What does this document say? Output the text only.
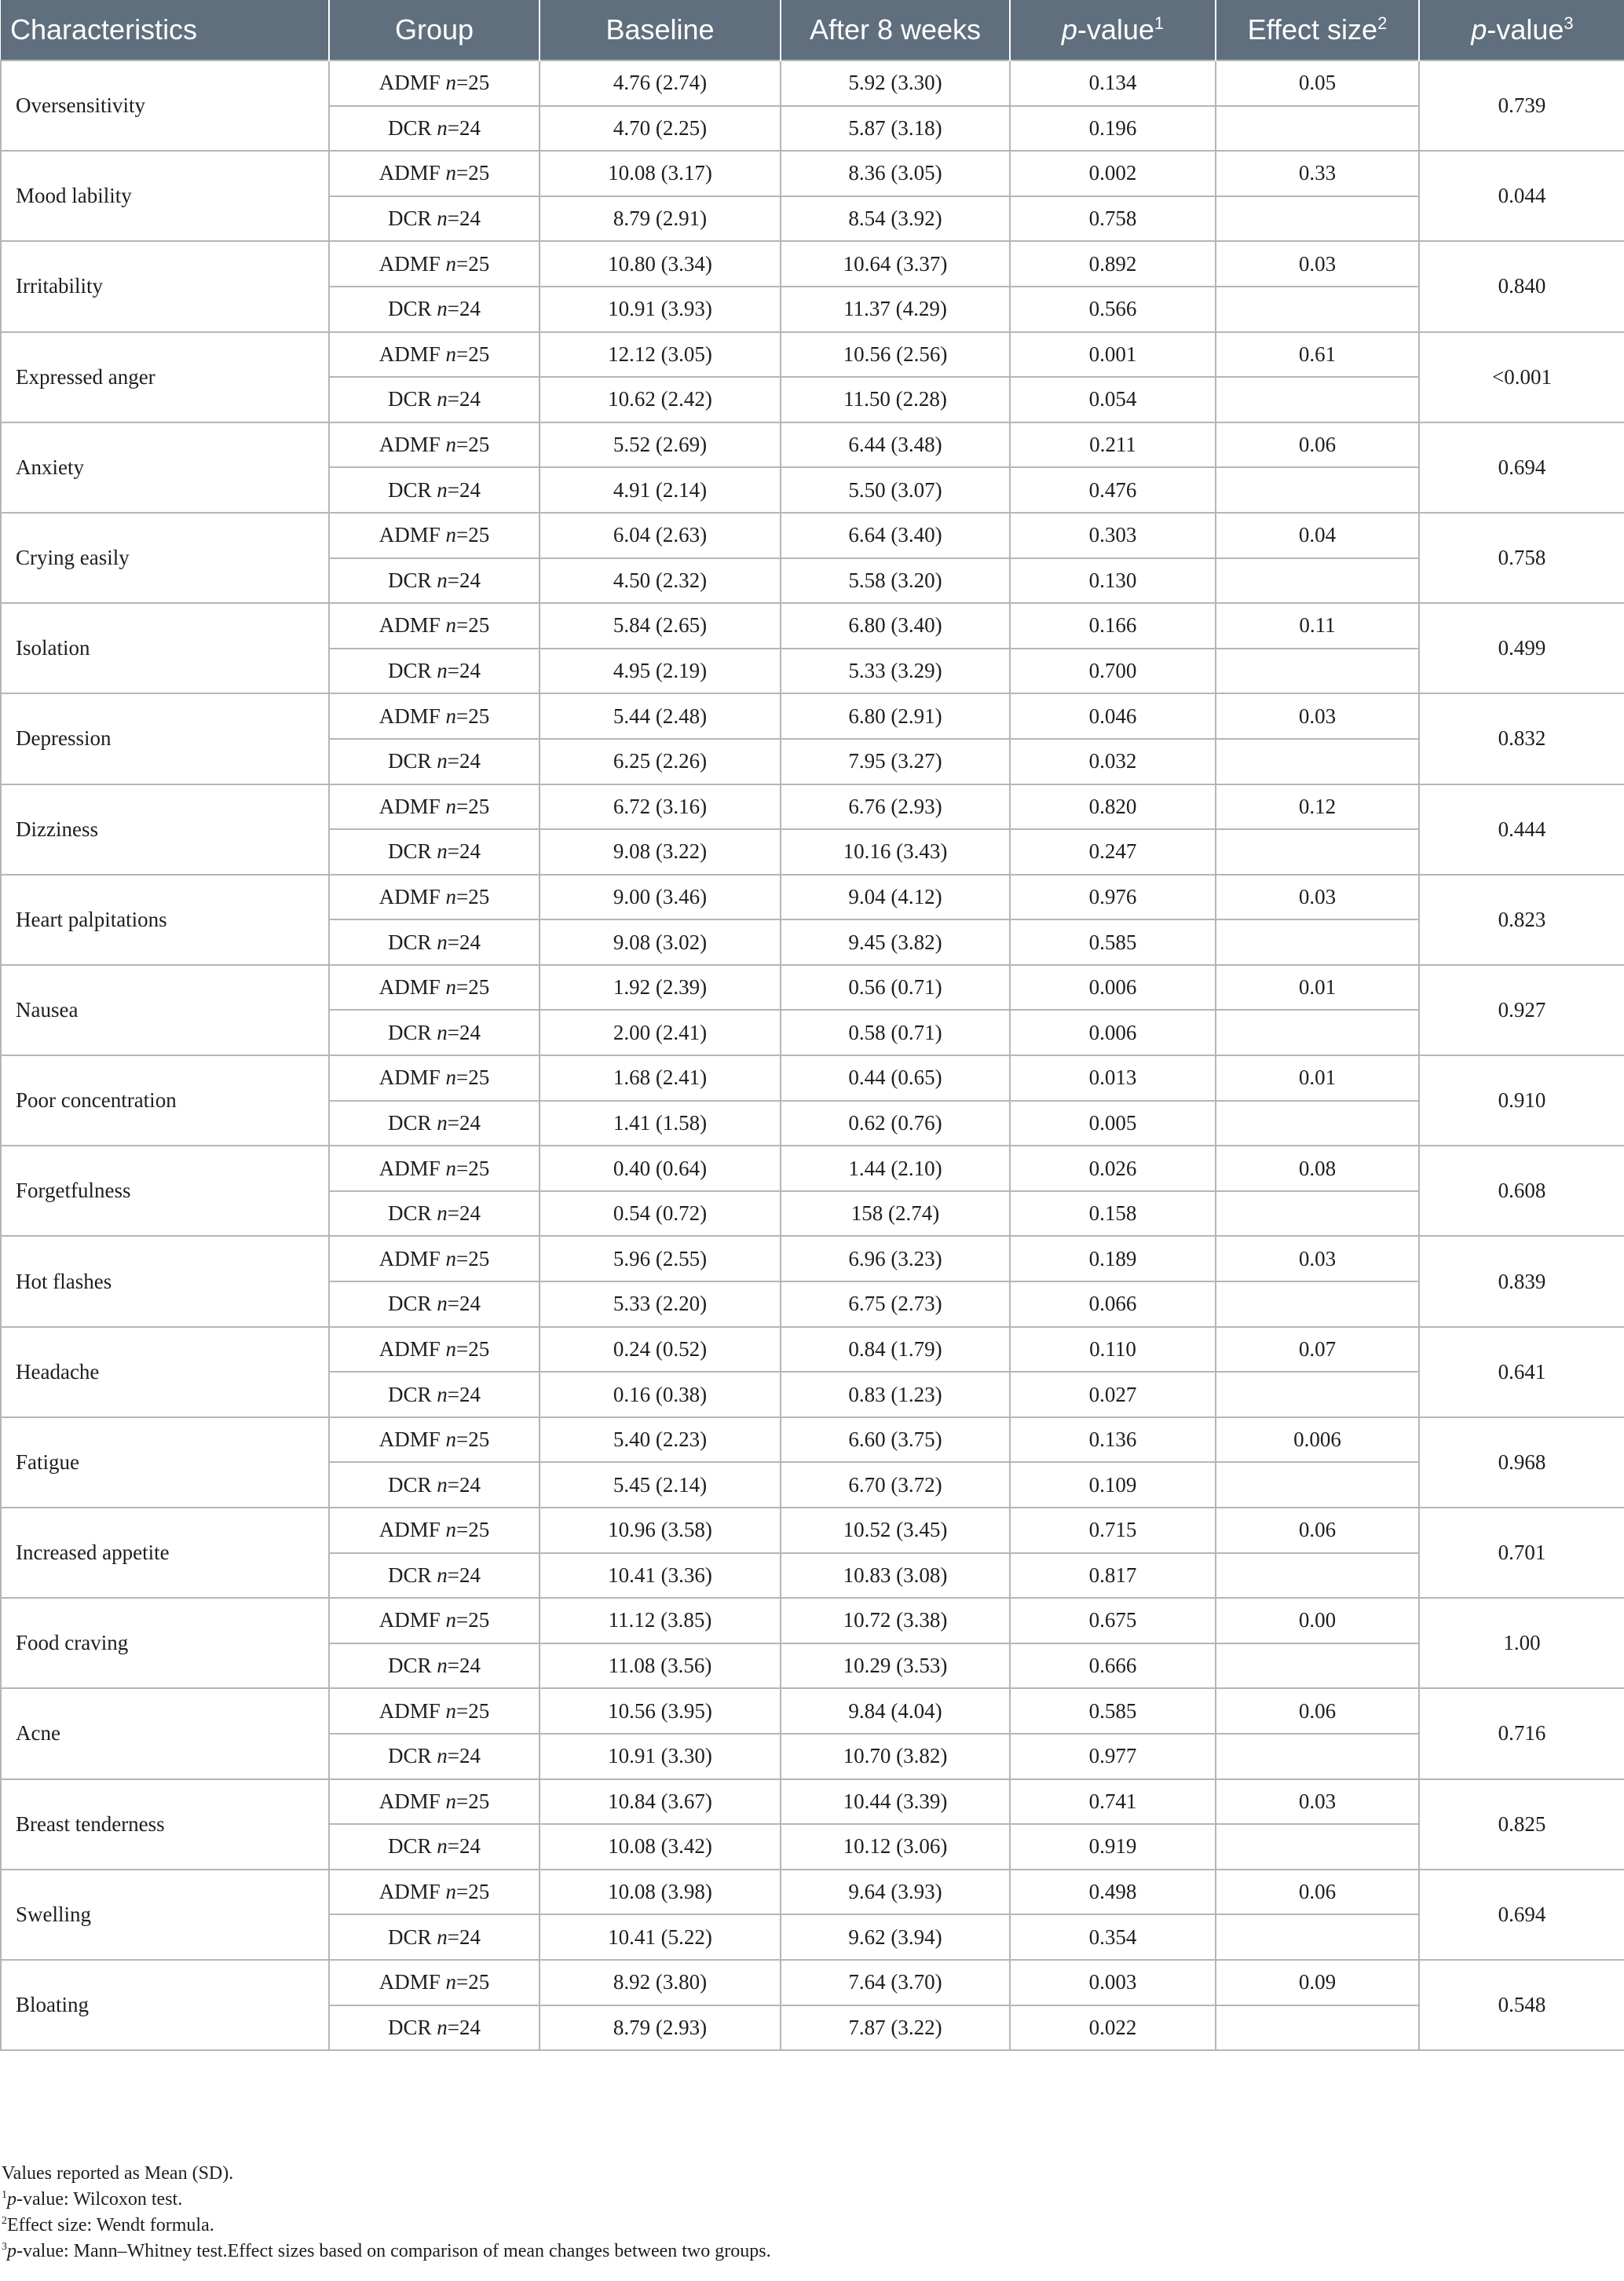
Characteristics	Group	Baseline	After 8 weeks	p-value$^1$	Effect size$^2$	p-value$^3$
Oversensitivity	ADMF n=25	4.76 (2.74)	5.92 (3.30)	0.134	0.05	0.739
	DCR n=24	4.70 (2.25)	5.87 (3.18)	0.196		
Mood lability	ADMF n=25	10.08 (3.17)	8.36 (3.05)	0.002	0.33	0.044
	DCR n=24	8.79 (2.91)	8.54 (3.92)	0.758		
Irritability	ADMF n=25	10.80 (3.34)	10.64 (3.37)	0.892	0.03	0.840
	DCR n=24	10.91 (3.93)	11.37 (4.29)	0.566		
Expressed anger	ADMF n=25	12.12 (3.05)	10.56 (2.56)	0.001	0.61	<0.001
	DCR n=24	10.62 (2.42)	11.50 (2.28)	0.054		
Anxiety	ADMF n=25	5.52 (2.69)	6.44 (3.48)	0.211	0.06	0.694
	DCR n=24	4.91 (2.14)	5.50 (3.07)	0.476		
Crying easily	ADMF n=25	6.04 (2.63)	6.64 (3.40)	0.303	0.04	0.758
	DCR n=24	4.50 (2.32)	5.58 (3.20)	0.130		
Isolation	ADMF n=25	5.84 (2.65)	6.80 (3.40)	0.166	0.11	0.499
	DCR n=24	4.95 (2.19)	5.33 (3.29)	0.700		
Depression	ADMF n=25	5.44 (2.48)	6.80 (2.91)	0.046	0.03	0.832
	DCR n=24	6.25 (2.26)	7.95 (3.27)	0.032		
Dizziness	ADMF n=25	6.72 (3.16)	6.76 (2.93)	0.820	0.12	0.444
	DCR n=24	9.08 (3.22)	10.16 (3.43)	0.247		
Heart palpitations	ADMF n=25	9.00 (3.46)	9.04 (4.12)	0.976	0.03	0.823
	DCR n=24	9.08 (3.02)	9.45 (3.82)	0.585		
Nausea	ADMF n=25	1.92 (2.39)	0.56 (0.71)	0.006	0.01	0.927
	DCR n=24	2.00 (2.41)	0.58 (0.71)	0.006		
Poor concentration	ADMF n=25	1.68 (2.41)	0.44 (0.65)	0.013	0.01	0.910
	DCR n=24	1.41 (1.58)	0.62 (0.76)	0.005		
Forgetfulness	ADMF n=25	0.40 (0.64)	1.44 (2.10)	0.026	0.08	0.608
	DCR n=24	0.54 (0.72)	158 (2.74)	0.158		
Hot flashes	ADMF n=25	5.96 (2.55)	6.96 (3.23)	0.189	0.03	0.839
	DCR n=24	5.33 (2.20)	6.75 (2.73)	0.066		
Headache	ADMF n=25	0.24 (0.52)	0.84 (1.79)	0.110	0.07	0.641
	DCR n=24	0.16 (0.38)	0.83 (1.23)	0.027		
Fatigue	ADMF n=25	5.40 (2.23)	6.60 (3.75)	0.136	0.006	0.968
	DCR n=24	5.45 (2.14)	6.70 (3.72)	0.109		
Increased appetite	ADMF n=25	10.96 (3.58)	10.52 (3.45)	0.715	0.06	0.701
	DCR n=24	10.41 (3.36)	10.83 (3.08)	0.817		
Food craving	ADMF n=25	11.12 (3.85)	10.72 (3.38)	0.675	0.00	1.00
	DCR n=24	11.08 (3.56)	10.29 (3.53)	0.666		
Acne	ADMF n=25	10.56 (3.95)	9.84 (4.04)	0.585	0.06	0.716
	DCR n=24	10.91 (3.30)	10.70 (3.82)	0.977		
Breast tenderness	ADMF n=25	10.84 (3.67)	10.44 (3.39)	0.741	0.03	0.825
	DCR n=24	10.08 (3.42)	10.12 (3.06)	0.919		
Swelling	ADMF n=25	10.08 (3.98)	9.64 (3.93)	0.498	0.06	0.694
	DCR n=24	10.41 (5.22)	9.62 (3.94)	0.354		
Bloating	ADMF n=25	8.92 (3.80)	7.64 (3.70)	0.003	0.09	0.548
	DCR n=24	8.79 (2.93)	7.87 (3.22)	0.022		
Values reported as Mean (SD).
$^1$p-value: Wilcoxon test.
$^2$Effect size: Wendt formula.
$^3$p-value: Mann–Whitney test.Effect sizes based on comparison of mean changes between two groups.
